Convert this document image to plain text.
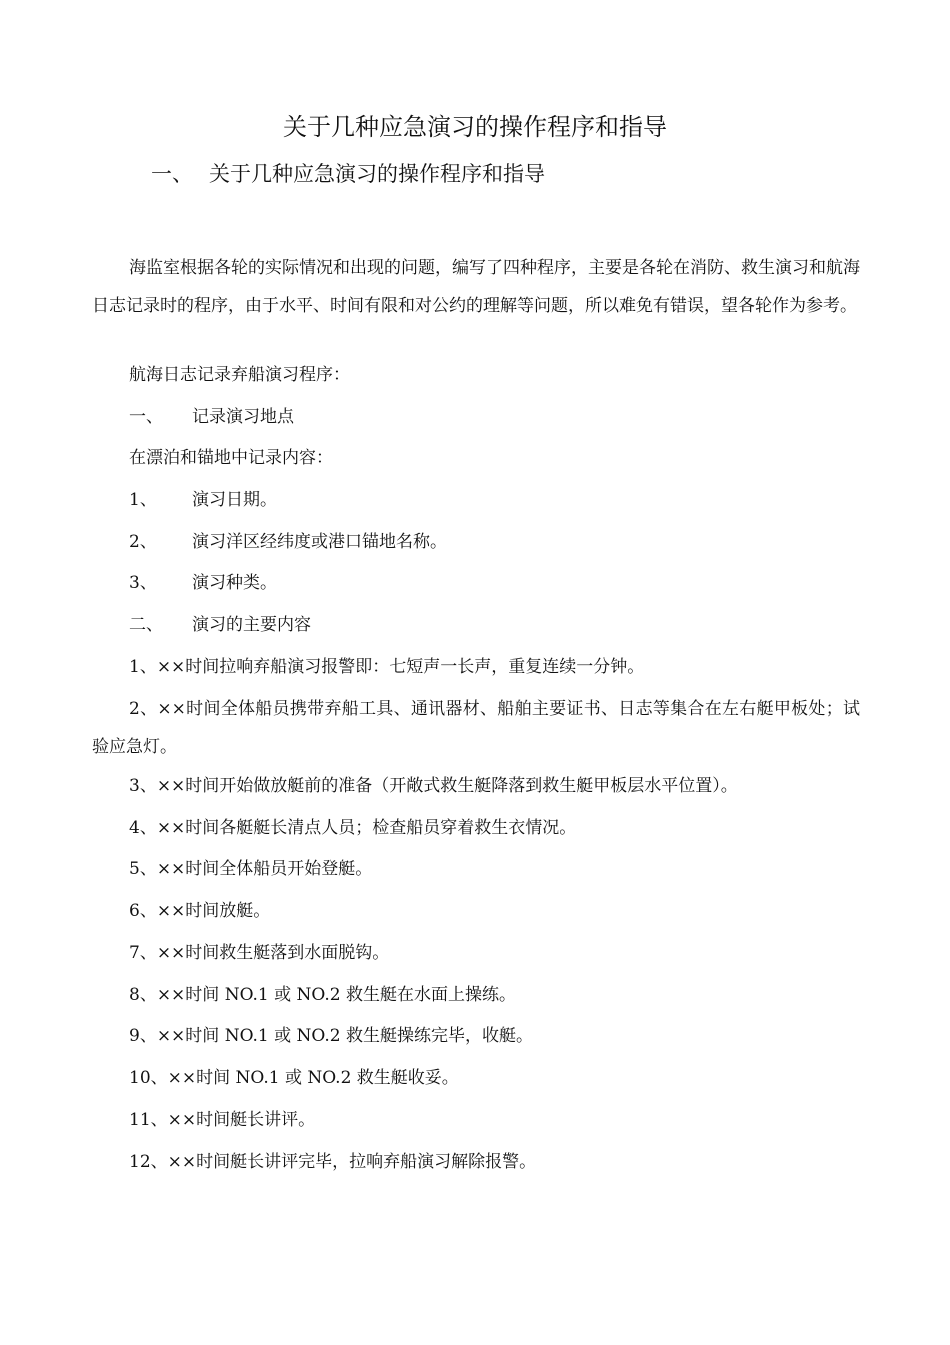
关于几种应急演习的操作程序和指导
一、 关于几种应急演习的操作程序和指导
海监室根据各轮的实际情况和出现的问题，编写了四种程序，主要是各轮在消防、救生演习和航海日志记录时的程序，由于水平、时间有限和对公约的理解等问题，所以难免有错误，望各轮作为参考。
航海日志记录弃船演习程序：
一、 记录演习地点
在漂泊和锚地中记录内容：
1、 演习日期。
2、 演习洋区经纬度或港口锚地名称。
3、 演习种类。
二、 演习的主要内容
1、××时间拉响弃船演习报警即：七短声一长声，重复连续一分钟。
2、××时间全体船员携带弃船工具、通讯器材、船舶主要证书、日志等集合在左右艇甲板处；试验应急灯。
3、××时间开始做放艇前的准备（开敞式救生艇降落到救生艇甲板层水平位置）。
4、××时间各艇艇长清点人员；检查船员穿着救生衣情况。
5、××时间全体船员开始登艇。
6、××时间放艇。
7、××时间救生艇落到水面脱钩。
8、××时间 NO.1 或 NO.2 救生艇在水面上操练。
9、××时间 NO.1 或 NO.2 救生艇操练完毕，收艇。
10、××时间 NO.1 或 NO.2 救生艇收妥。
11、××时间艇长讲评。
12、××时间艇长讲评完毕，拉响弃船演习解除报警。
